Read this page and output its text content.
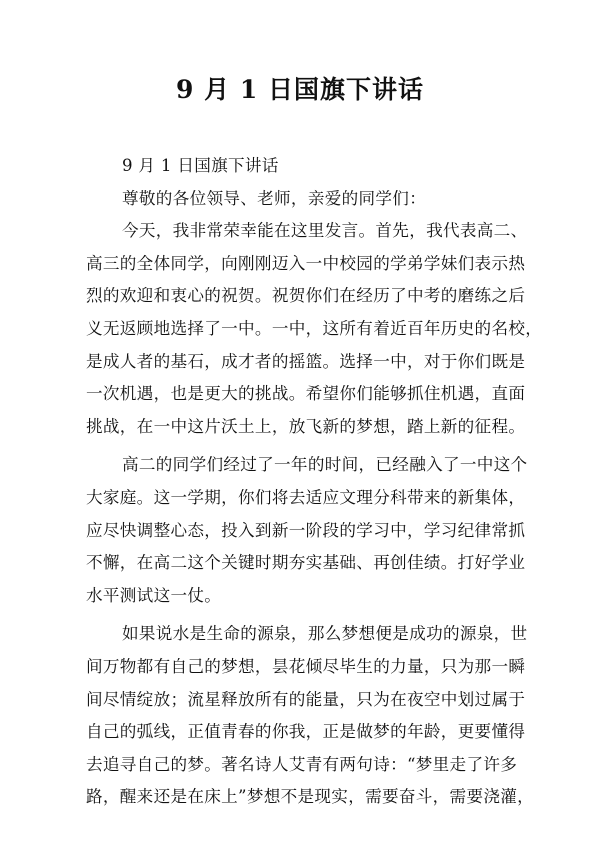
9 月 1 日国旗下讲话
9 月 1 日国旗下讲话
尊敬的各位领导、老师，亲爱的同学们：
今天，我非常荣幸能在这里发言。首先，我代表高二、
高三的全体同学，向刚刚迈入一中校园的学弟学妹们表示热
烈的欢迎和衷心的祝贺。祝贺你们在经历了中考的磨练之后
义无返顾地选择了一中。一中，这所有着近百年历史的名校，
是成人者的基石，成才者的摇篮。选择一中，对于你们既是
一次机遇，也是更大的挑战。希望你们能够抓住机遇，直面
挑战，在一中这片沃土上，放飞新的梦想，踏上新的征程。
高二的同学们经过了一年的时间，已经融入了一中这个
大家庭。这一学期，你们将去适应文理分科带来的新集体，
应尽快调整心态，投入到新一阶段的学习中，学习纪律常抓
不懈，在高二这个关键时期夯实基础、再创佳绩。打好学业
水平测试这一仗。
如果说水是生命的源泉，那么梦想便是成功的源泉，世
间万物都有自己的梦想，昙花倾尽毕生的力量，只为那一瞬
间尽情绽放；流星释放所有的能量，只为在夜空中划过属于
自己的弧线，正值青春的你我，正是做梦的年龄，更要懂得
去追寻自己的梦。著名诗人艾青有两句诗：“梦里走了许多
路，醒来还是在床上”梦想不是现实，需要奋斗，需要浇灌，
